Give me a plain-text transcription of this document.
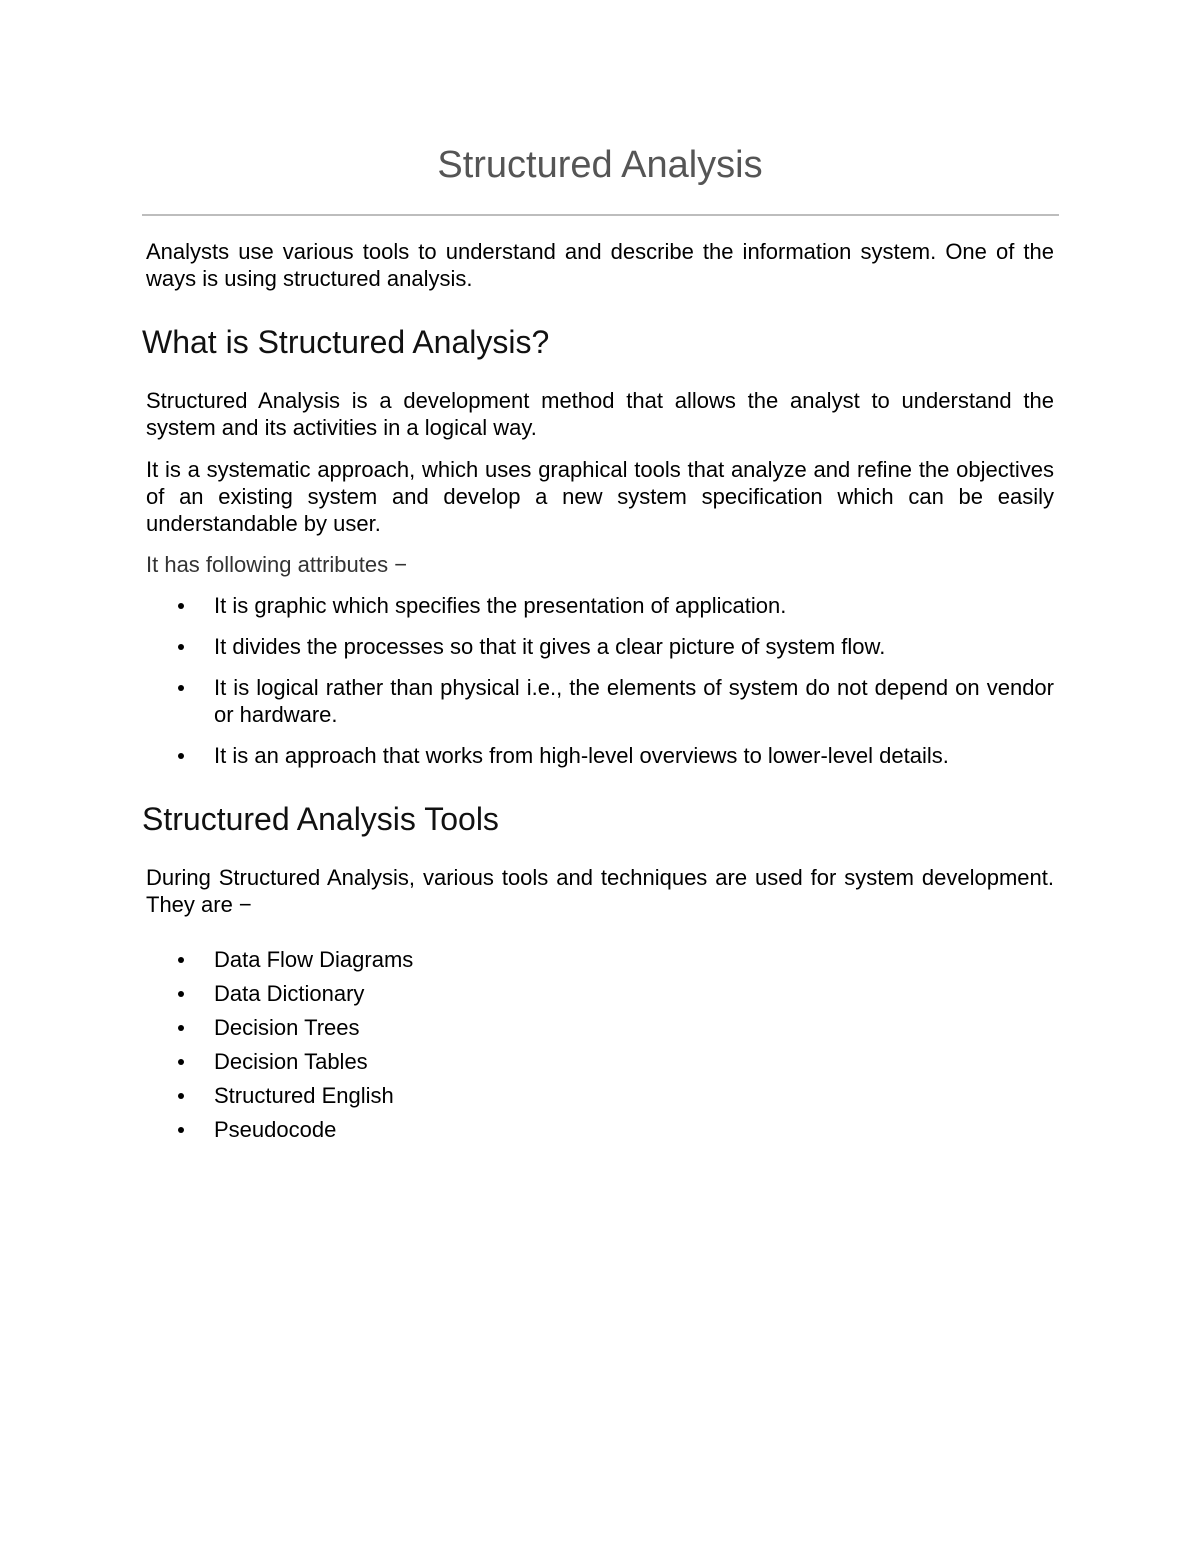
Structured Analysis

Analysts use various tools to understand and describe the information system. One of the ways is using structured analysis.

What is Structured Analysis?

Structured Analysis is a development method that allows the analyst to understand the system and its activities in a logical way.

It is a systematic approach, which uses graphical tools that analyze and refine the objectives of an existing system and develop a new system specification which can be easily understandable by user.

It has following attributes −

It is graphic which specifies the presentation of application.
It divides the processes so that it gives a clear picture of system flow.
It is logical rather than physical i.e., the elements of system do not depend on vendor or hardware.
It is an approach that works from high-level overviews to lower-level details.
Structured Analysis Tools

During Structured Analysis, various tools and techniques are used for system development. They are −

Data Flow Diagrams
Data Dictionary
Decision Trees
Decision Tables
Structured English
Pseudocode
